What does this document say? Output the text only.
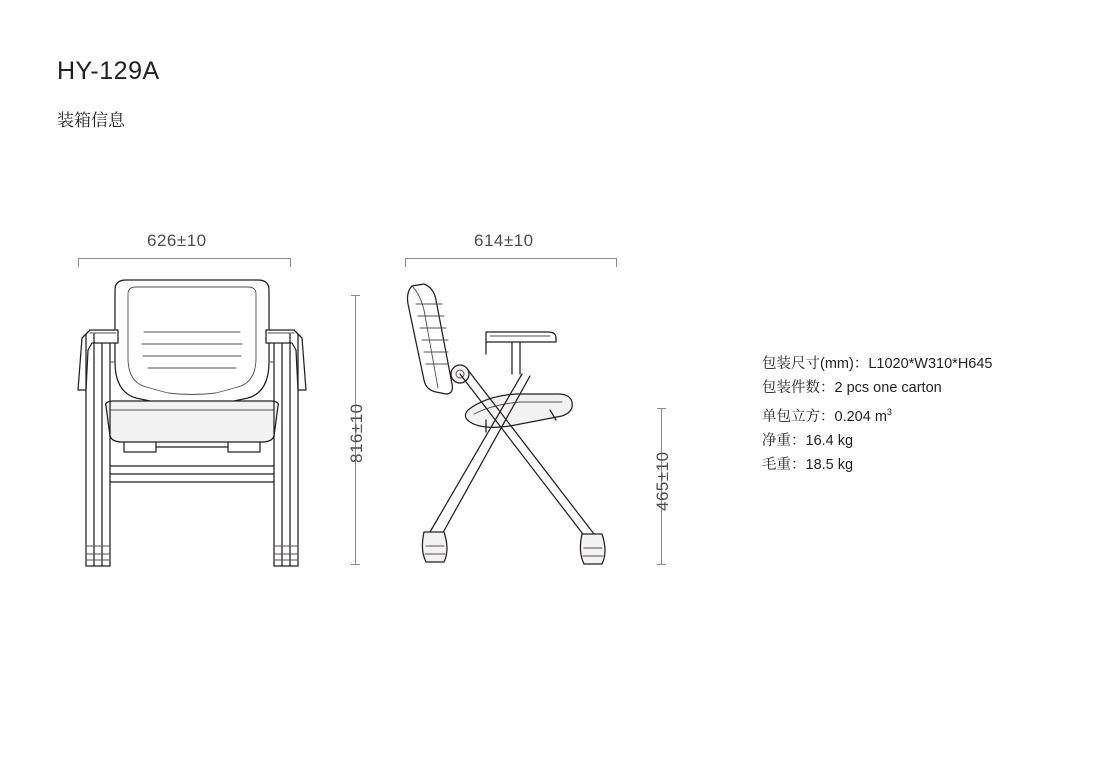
HY-129A
装箱信息
626±10
816±10
614±10
465±10
包装尺寸(mm)：L1020*W310*H645
包装件数：2 pcs one carton
单包立方：0.204 $m^3$
净重：16.4 kg
毛重：18.5 kg
